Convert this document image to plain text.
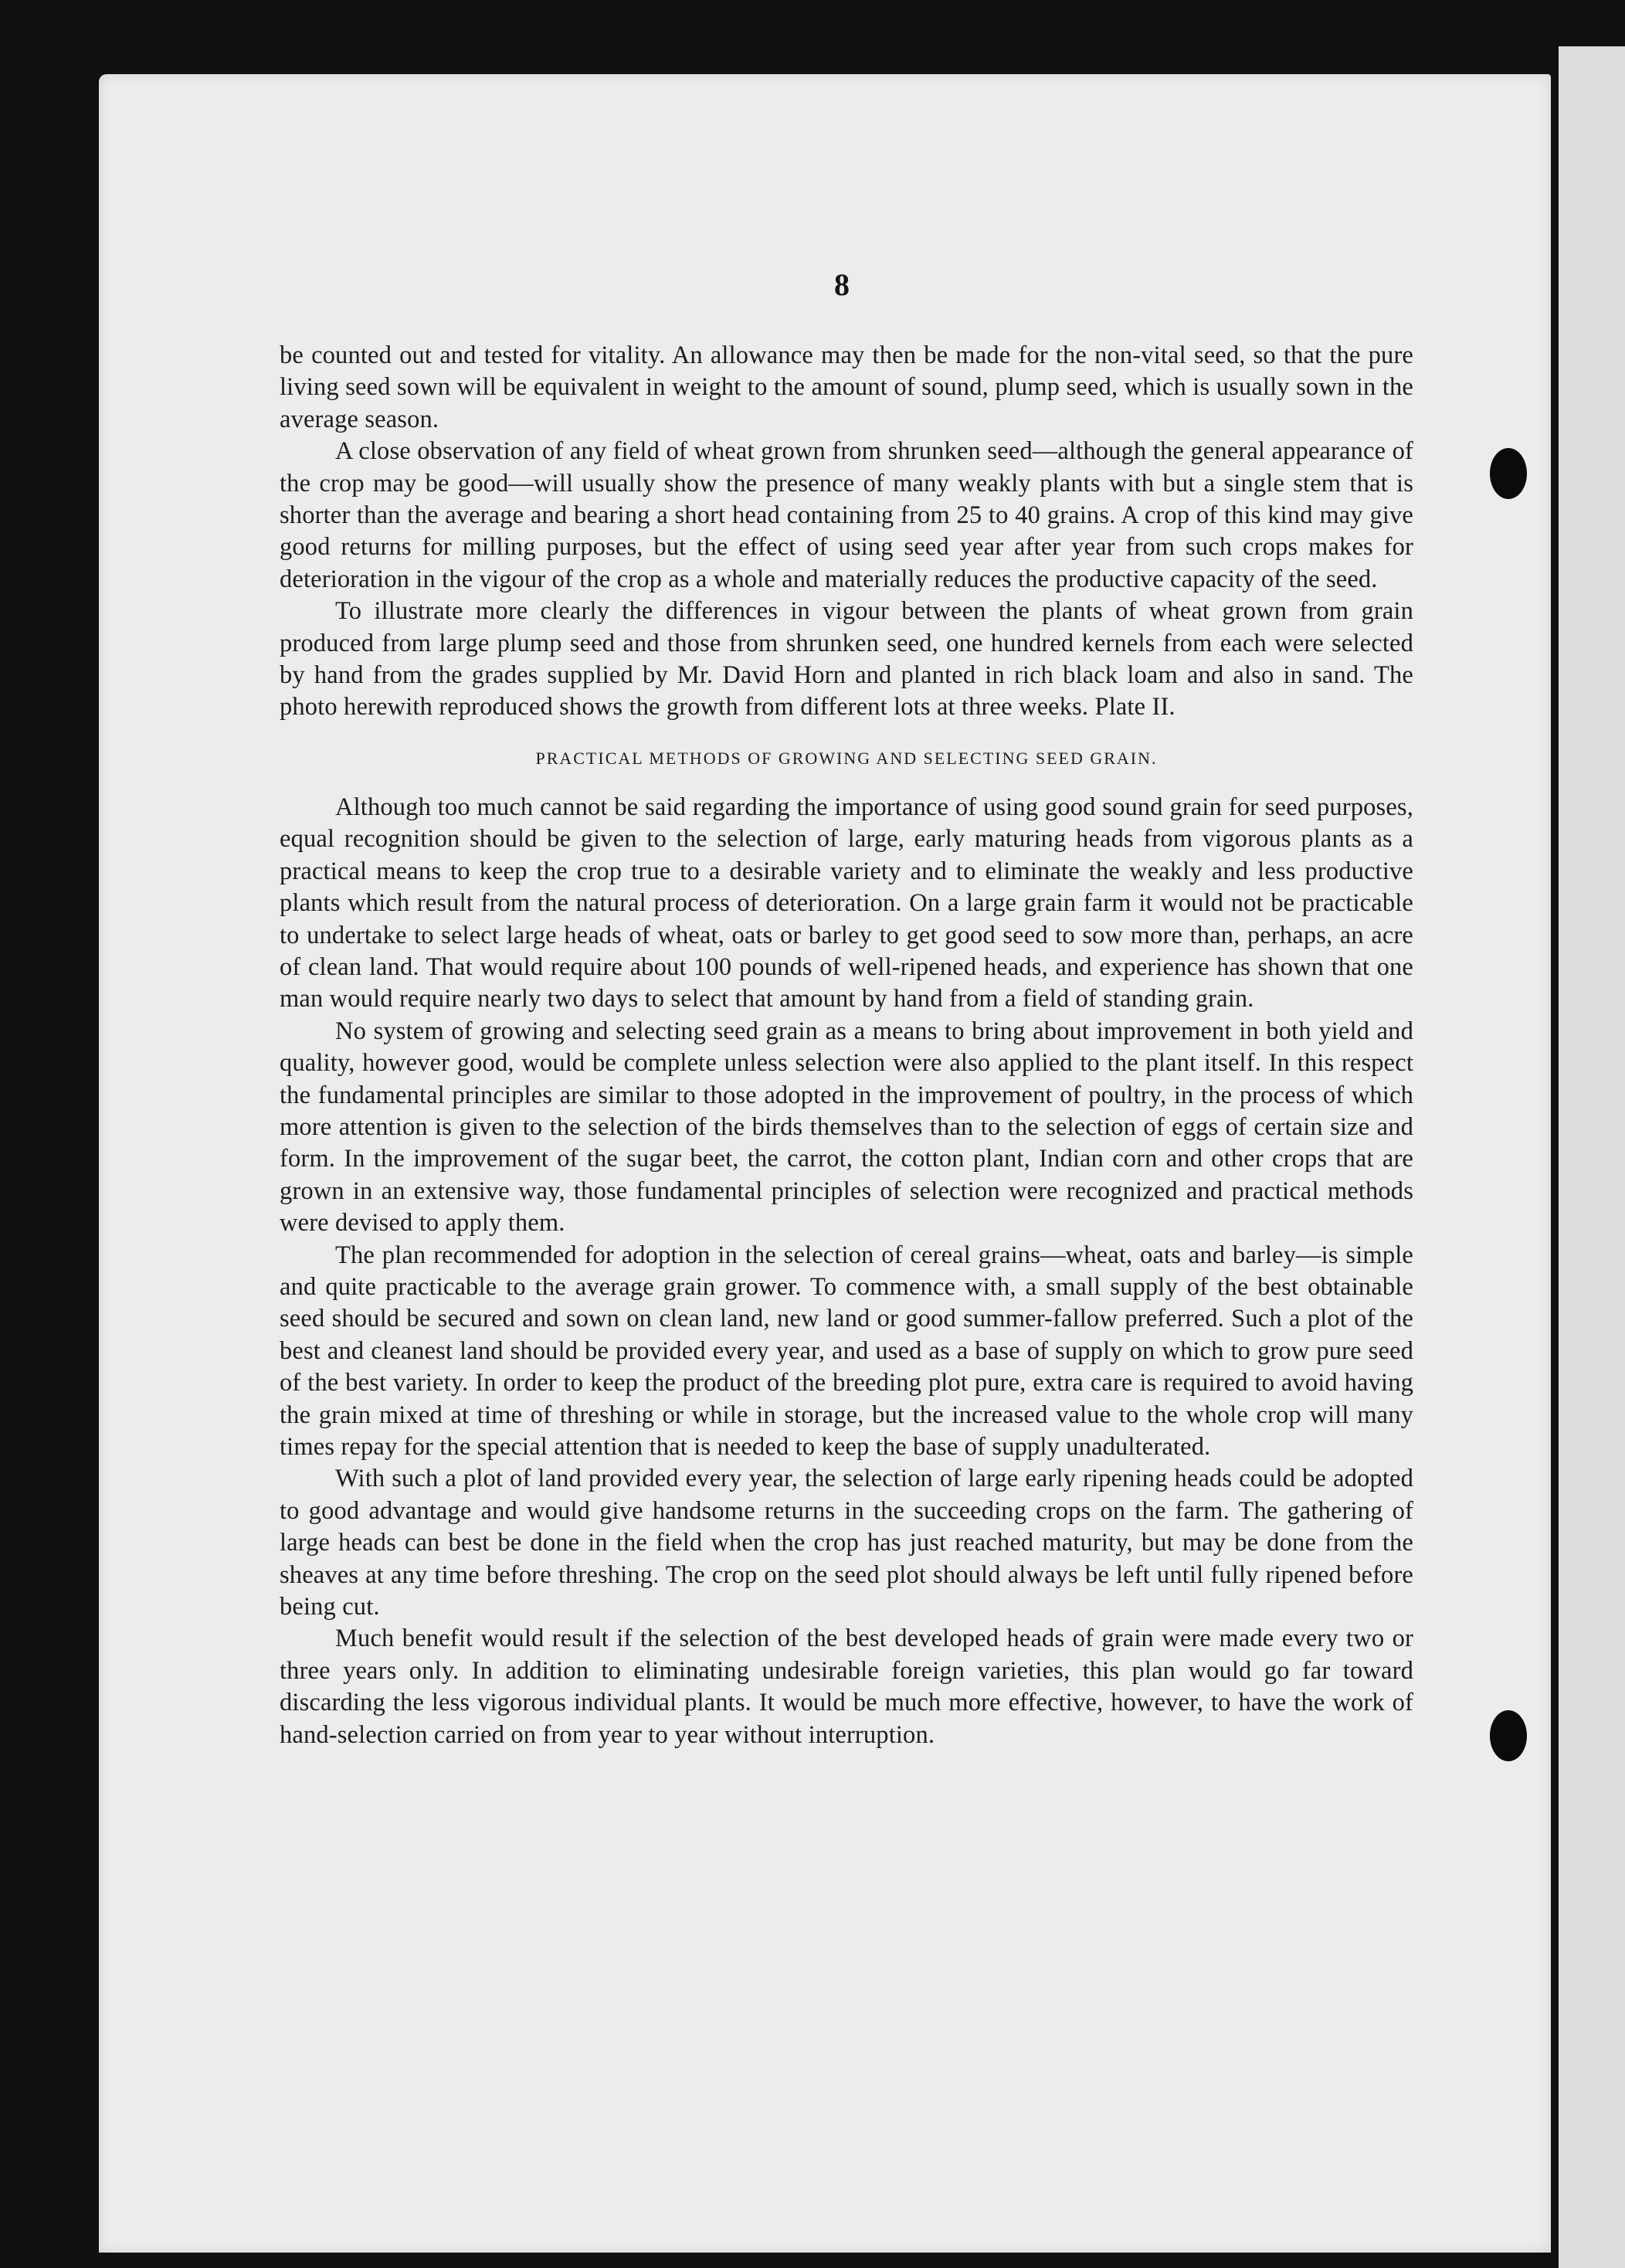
8

be counted out and tested for vitality. An allowance may then be made for the non-vital seed, so that the pure living seed sown will be equivalent in weight to the amount of sound, plump seed, which is usually sown in the average season.

A close observation of any field of wheat grown from shrunken seed—although the general appearance of the crop may be good—will usually show the presence of many weakly plants with but a single stem that is shorter than the average and bearing a short head containing from 25 to 40 grains. A crop of this kind may give good returns for milling purposes, but the effect of using seed year after year from such crops makes for deterioration in the vigour of the crop as a whole and materially reduces the productive capacity of the seed.

To illustrate more clearly the differences in vigour between the plants of wheat grown from grain produced from large plump seed and those from shrunken seed, one hundred kernels from each were selected by hand from the grades supplied by Mr. David Horn and planted in rich black loam and also in sand. The photo herewith reproduced shows the growth from different lots at three weeks. Plate II.

PRACTICAL METHODS OF GROWING AND SELECTING SEED GRAIN.

Although too much cannot be said regarding the importance of using good sound grain for seed purposes, equal recognition should be given to the selection of large, early maturing heads from vigorous plants as a practical means to keep the crop true to a desirable variety and to eliminate the weakly and less productive plants which result from the natural process of deterioration. On a large grain farm it would not be practicable to undertake to select large heads of wheat, oats or barley to get good seed to sow more than, perhaps, an acre of clean land. That would require about 100 pounds of well-ripened heads, and experience has shown that one man would require nearly two days to select that amount by hand from a field of standing grain.

No system of growing and selecting seed grain as a means to bring about improvement in both yield and quality, however good, would be complete unless selection were also applied to the plant itself. In this respect the fundamental principles are similar to those adopted in the improvement of poultry, in the process of which more attention is given to the selection of the birds themselves than to the selection of eggs of certain size and form. In the improvement of the sugar beet, the carrot, the cotton plant, Indian corn and other crops that are grown in an extensive way, those fundamental principles of selection were recognized and practical methods were devised to apply them.

The plan recommended for adoption in the selection of cereal grains—wheat, oats and barley—is simple and quite practicable to the average grain grower. To commence with, a small supply of the best obtainable seed should be secured and sown on clean land, new land or good summer-fallow preferred. Such a plot of the best and cleanest land should be provided every year, and used as a base of supply on which to grow pure seed of the best variety. In order to keep the product of the breeding plot pure, extra care is required to avoid having the grain mixed at time of threshing or while in storage, but the increased value to the whole crop will many times repay for the special attention that is needed to keep the base of supply unadulterated.

With such a plot of land provided every year, the selection of large early ripening heads could be adopted to good advantage and would give handsome returns in the succeeding crops on the farm. The gathering of large heads can best be done in the field when the crop has just reached maturity, but may be done from the sheaves at any time before threshing. The crop on the seed plot should always be left until fully ripened before being cut.

Much benefit would result if the selection of the best developed heads of grain were made every two or three years only. In addition to eliminating undesirable foreign varieties, this plan would go far toward discarding the less vigorous individual plants. It would be much more effective, however, to have the work of hand-selection carried on from year to year without interruption.
